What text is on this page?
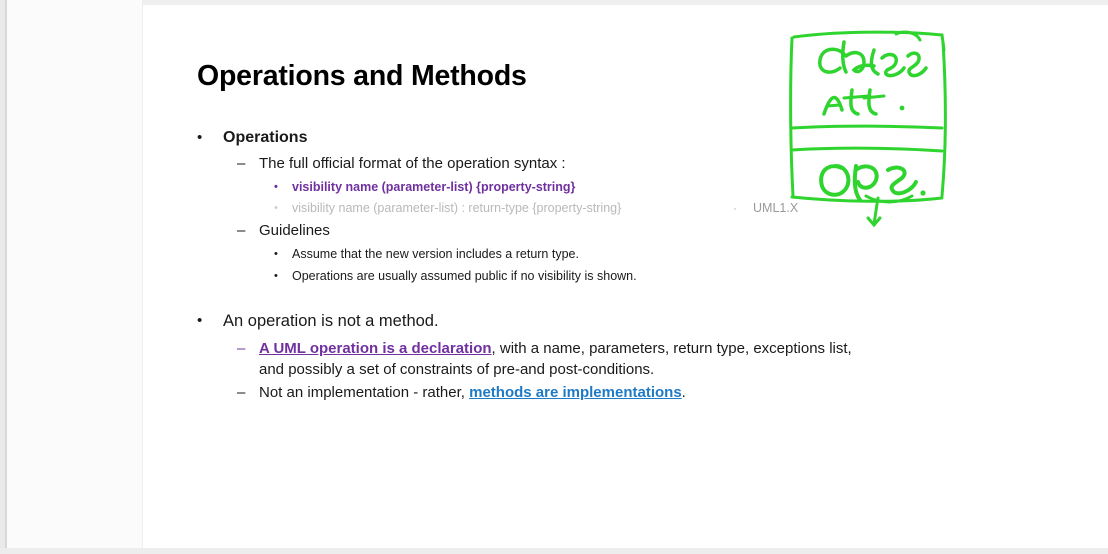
Operations and Methods
•	Operations
– The full official format of the operation syntax :
•	visibility name (parameter-list) {property-string}
•	visibility name (parameter-list) : return-type {property-string}	· UML1.X
– Guidelines
•	Assume that the new version includes a return type.
•	Operations are usually assumed public if no visibility is shown.
•	An operation is not a method.
– A UML operation is a declaration, with a name, parameters, return type, exceptions list, and possibly a set of constraints of pre-and post-conditions.
– Not an implementation - rather, methods are implementations.
